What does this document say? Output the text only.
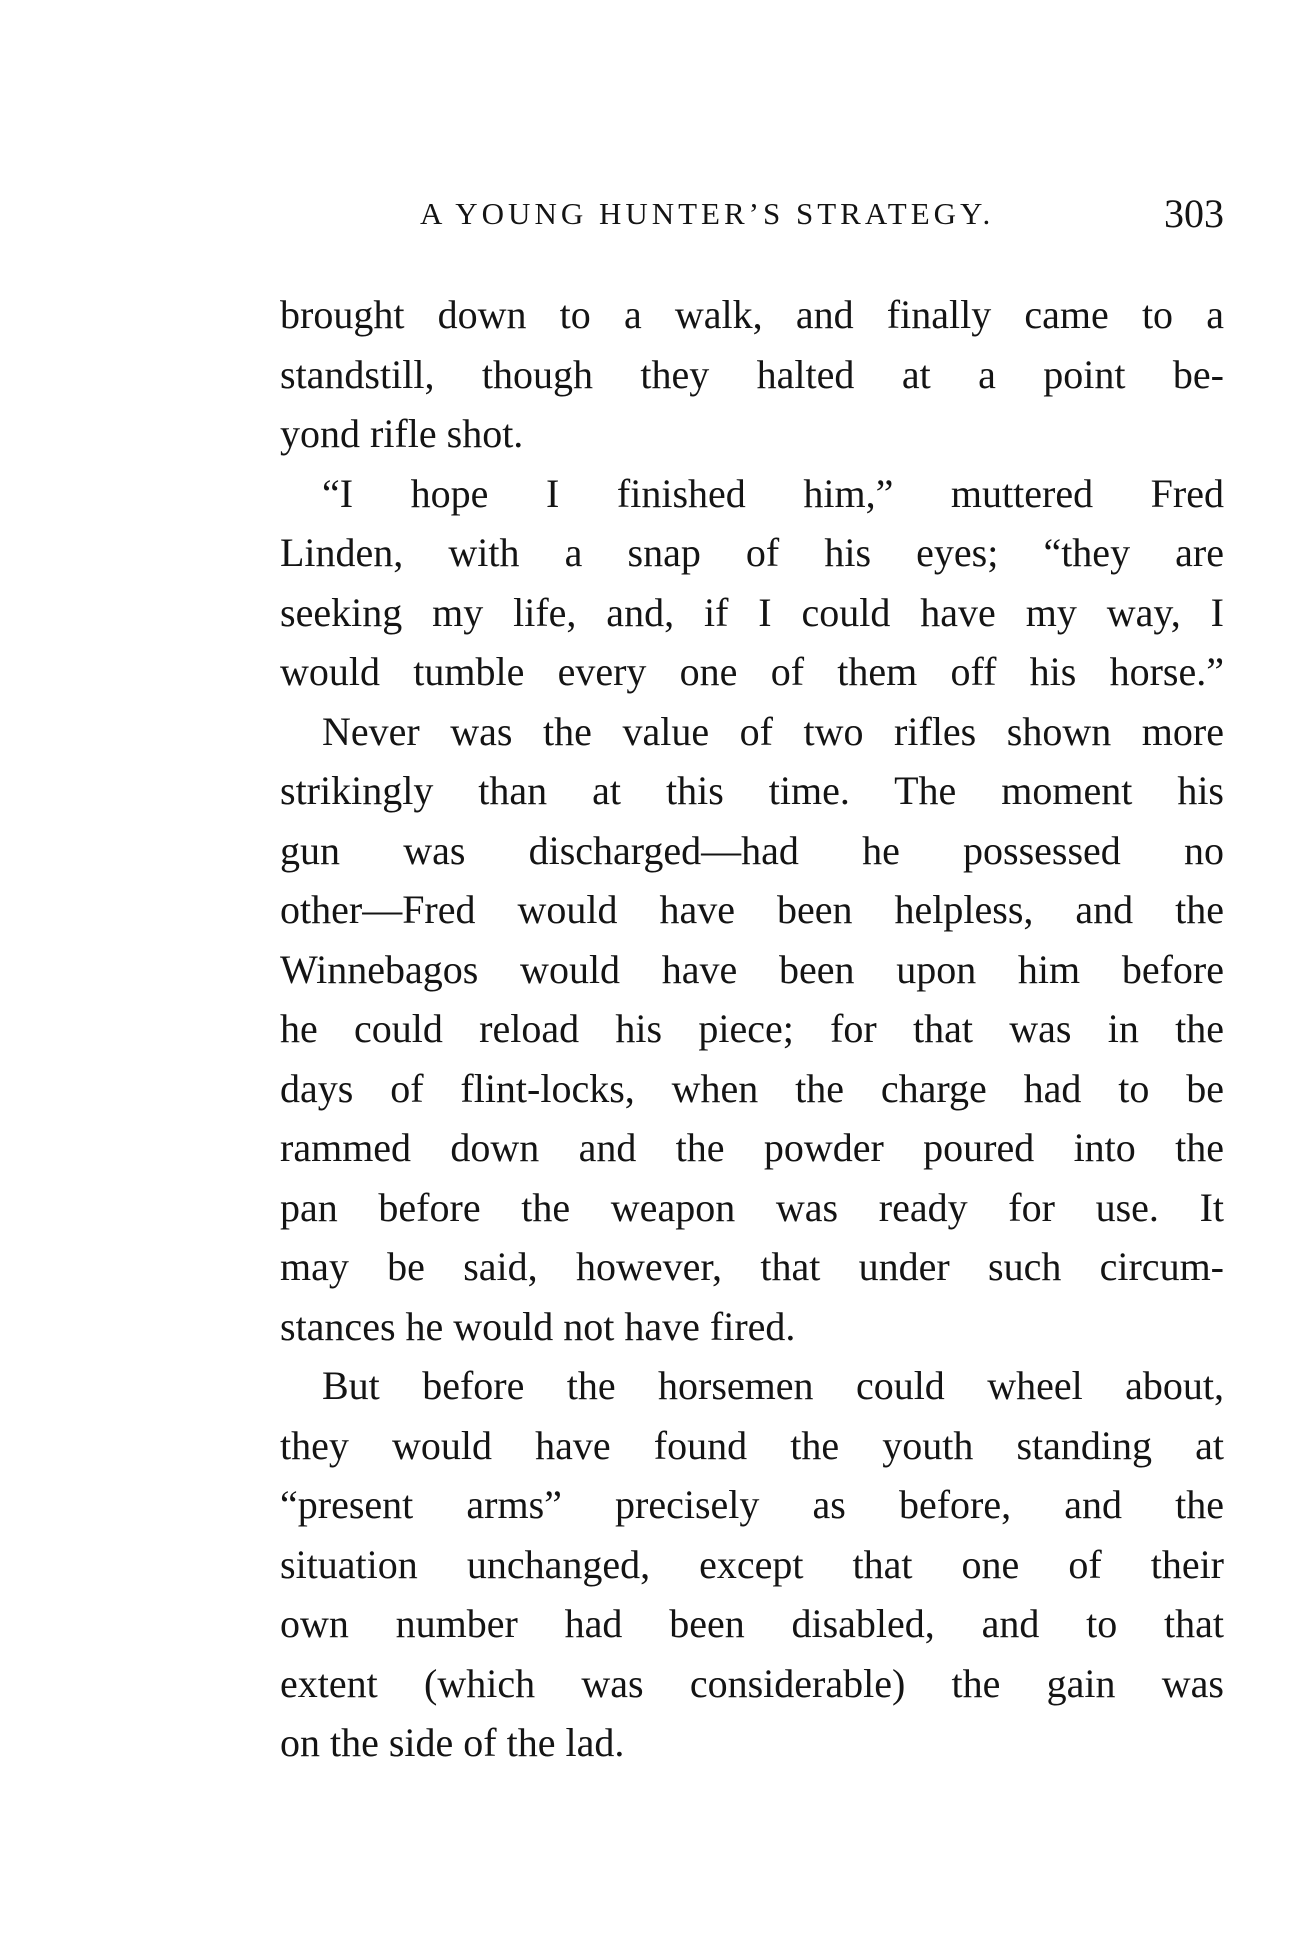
A YOUNG HUNTER’S STRATEGY.	303
brought down to a walk, and finally came to a
standstill, though they halted at a point be-
yond rifle shot.
“I hope I finished him,” muttered Fred
Linden, with a snap of his eyes; “they are
seeking my life, and, if I could have my way, I
would tumble every one of them off his horse.”
Never was the value of two rifles shown more
strikingly than at this time. The moment his
gun was discharged—had he possessed no
other—Fred would have been helpless, and the
Winnebagos would have been upon him before
he could reload his piece; for that was in the
days of flint-locks, when the charge had to be
rammed down and the powder poured into the
pan before the weapon was ready for use. It
may be said, however, that under such circum-
stances he would not have fired.
But before the horsemen could wheel about,
they would have found the youth standing at
“present arms” precisely as before, and the
situation unchanged, except that one of their
own number had been disabled, and to that
extent (which was considerable) the gain was
on the side of the lad.
